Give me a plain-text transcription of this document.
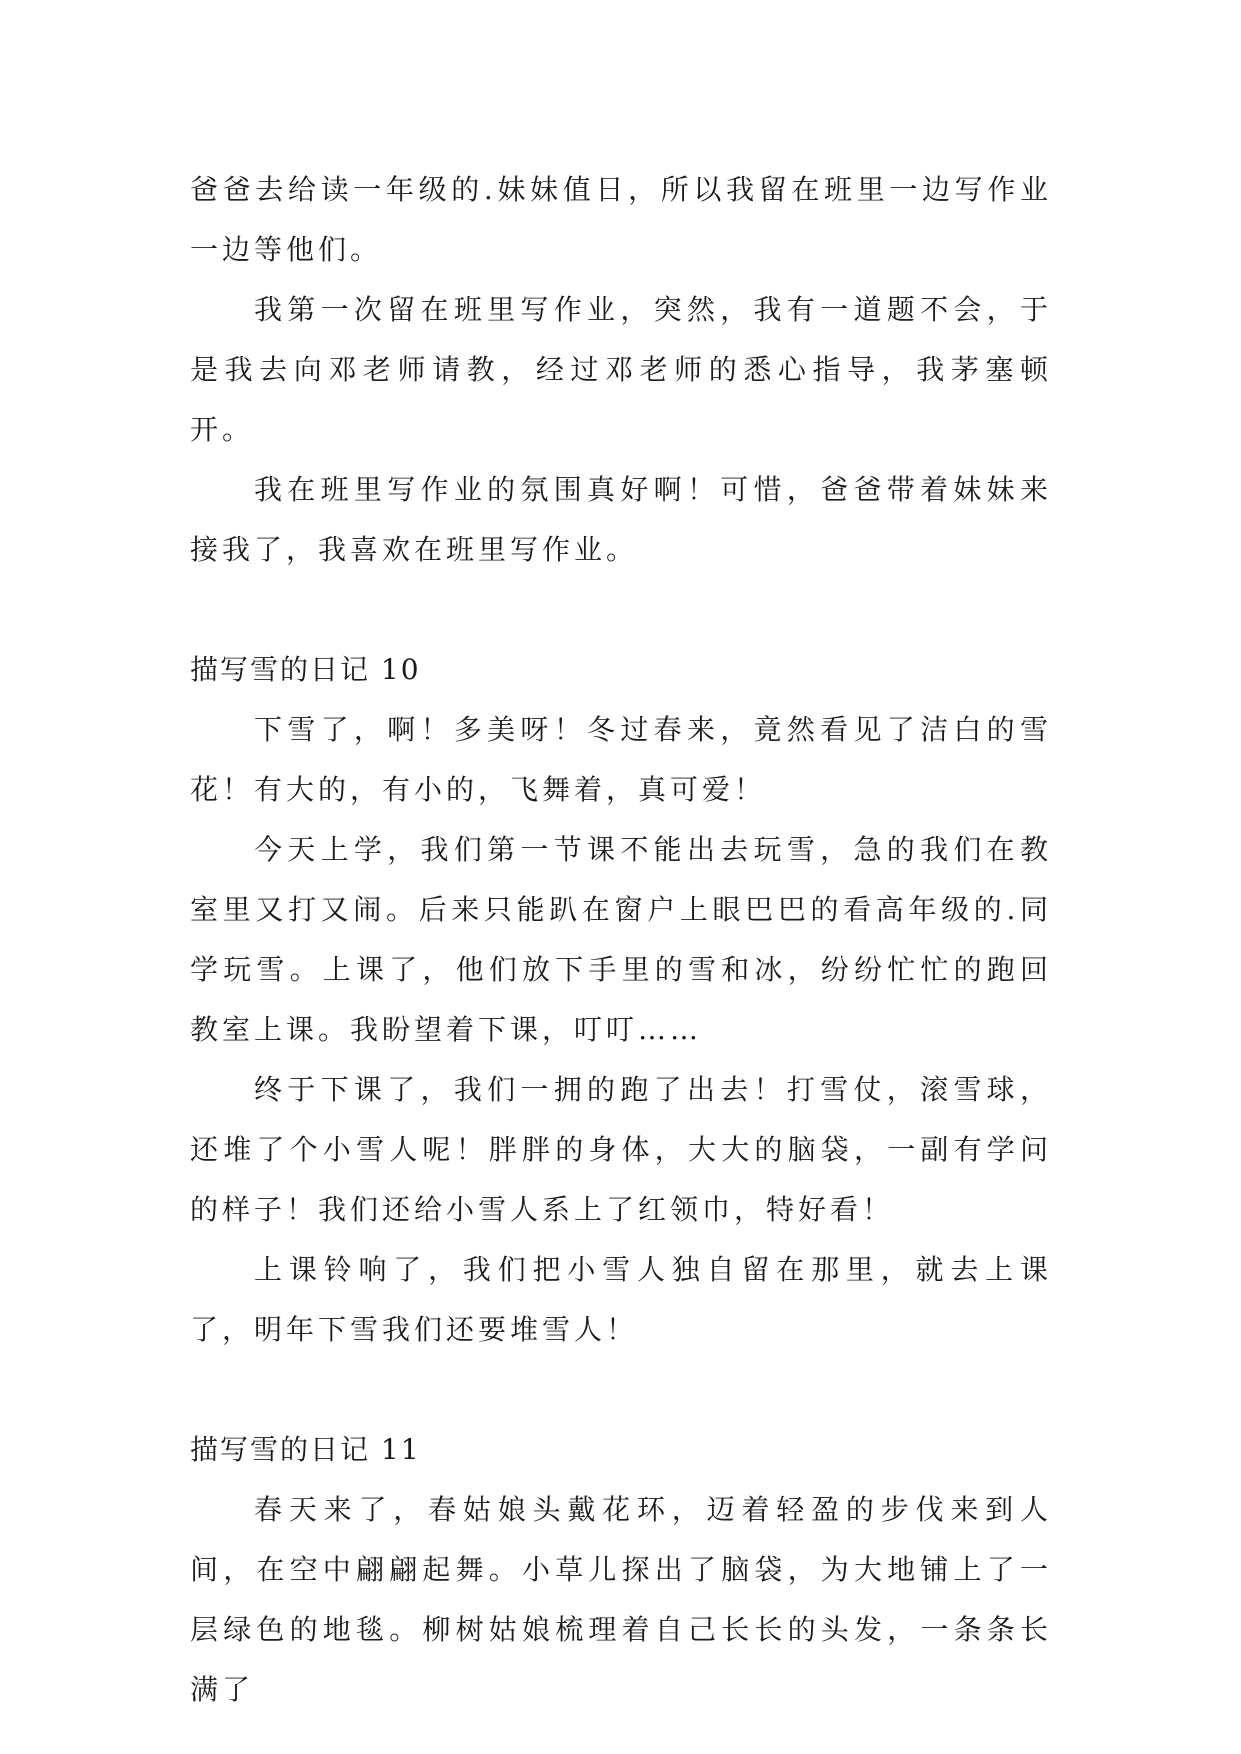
爸爸去给读一年级的.妹妹值日，所以我留在班里一边写作业一边等他们。

我第一次留在班里写作业，突然，我有一道题不会，于是我去向邓老师请教，经过邓老师的悉心指导，我茅塞顿开。

我在班里写作业的氛围真好啊！可惜，爸爸带着妹妹来接我了，我喜欢在班里写作业。

描写雪的日记 10

下雪了，啊！多美呀！冬过春来，竟然看见了洁白的雪花！有大的，有小的，飞舞着，真可爱！

今天上学，我们第一节课不能出去玩雪，急的我们在教室里又打又闹。后来只能趴在窗户上眼巴巴的看高年级的.同学玩雪。上课了，他们放下手里的雪和冰，纷纷忙忙的跑回教室上课。我盼望着下课，叮叮……

终于下课了，我们一拥的跑了出去！打雪仗，滚雪球，还堆了个小雪人呢！胖胖的身体，大大的脑袋，一副有学问的样子！我们还给小雪人系上了红领巾，特好看！

上课铃响了，我们把小雪人独自留在那里，就去上课了，明年下雪我们还要堆雪人！

描写雪的日记 11

春天来了，春姑娘头戴花环，迈着轻盈的步伐来到人间，在空中翩翩起舞。小草儿探出了脑袋，为大地铺上了一层绿色的地毯。柳树姑娘梳理着自己长长的头发，一条条长满了
